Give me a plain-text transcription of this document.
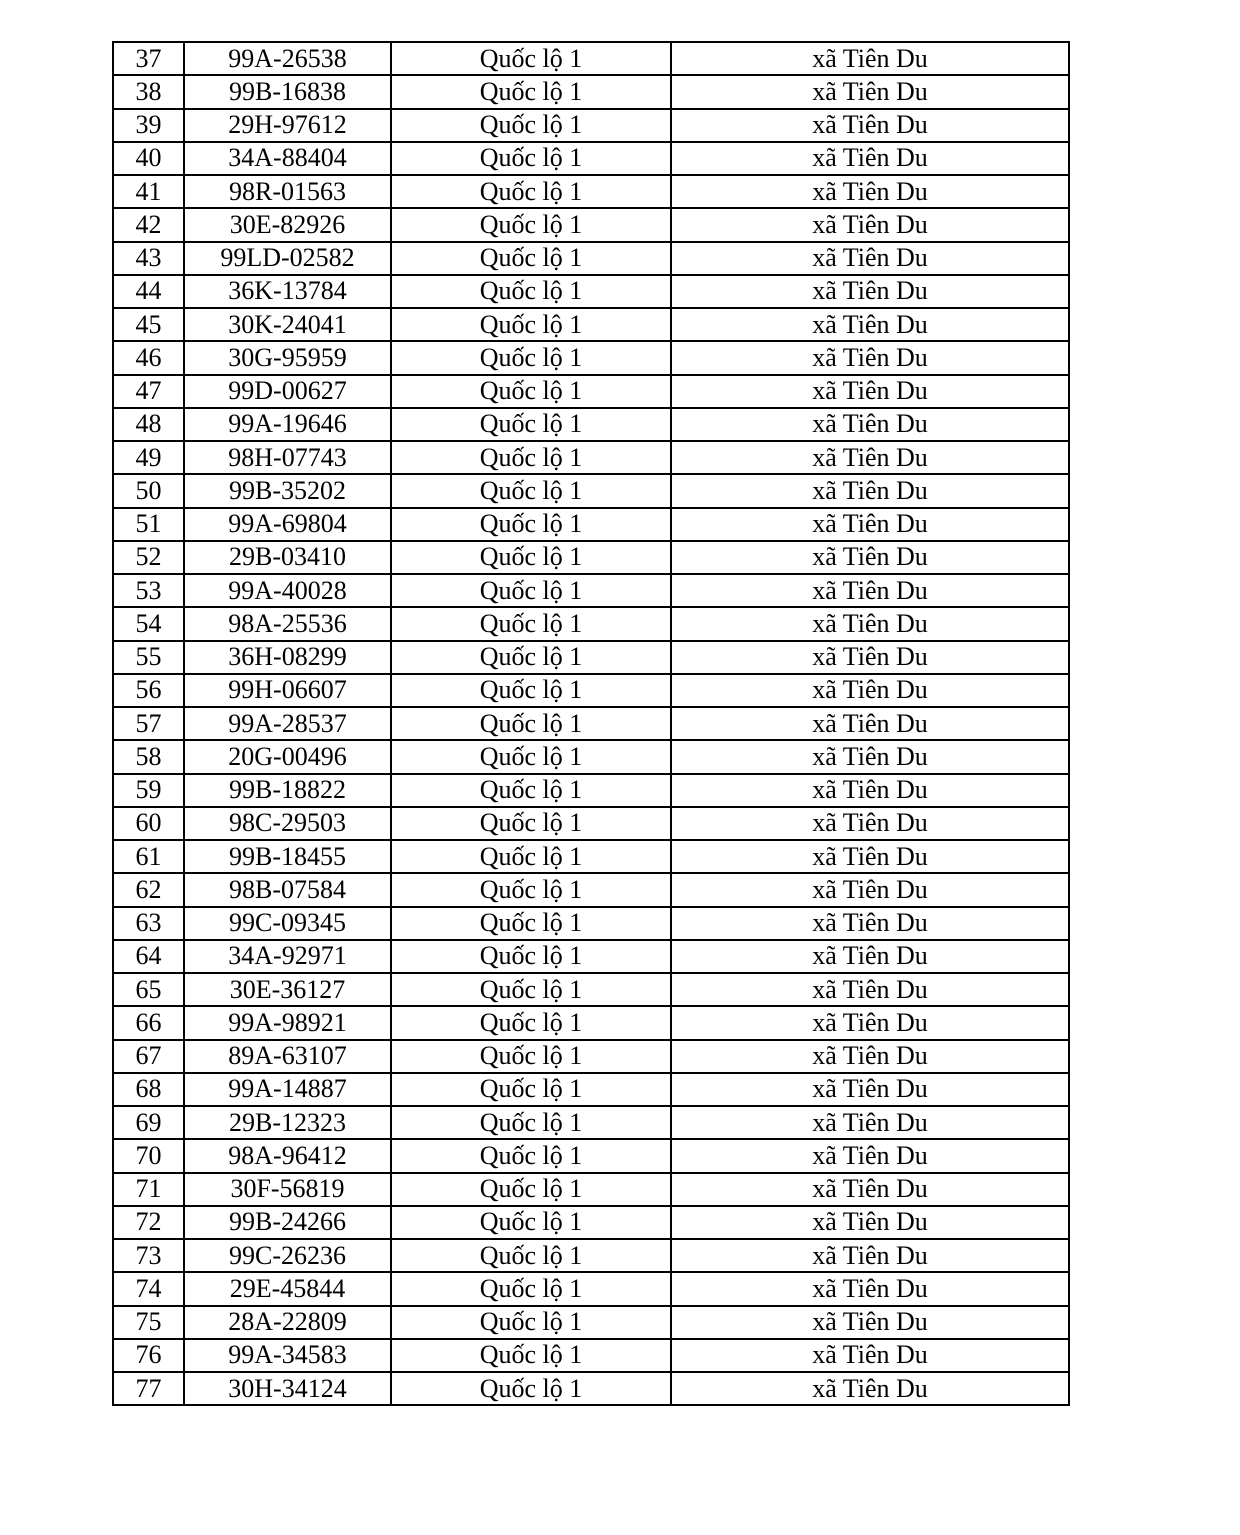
37	99A-26538	Quốc lộ 1	xã Tiên Du
38	99B-16838	Quốc lộ 1	xã Tiên Du
39	29H-97612	Quốc lộ 1	xã Tiên Du
40	34A-88404	Quốc lộ 1	xã Tiên Du
41	98R-01563	Quốc lộ 1	xã Tiên Du
42	30E-82926	Quốc lộ 1	xã Tiên Du
43	99LD-02582	Quốc lộ 1	xã Tiên Du
44	36K-13784	Quốc lộ 1	xã Tiên Du
45	30K-24041	Quốc lộ 1	xã Tiên Du
46	30G-95959	Quốc lộ 1	xã Tiên Du
47	99D-00627	Quốc lộ 1	xã Tiên Du
48	99A-19646	Quốc lộ 1	xã Tiên Du
49	98H-07743	Quốc lộ 1	xã Tiên Du
50	99B-35202	Quốc lộ 1	xã Tiên Du
51	99A-69804	Quốc lộ 1	xã Tiên Du
52	29B-03410	Quốc lộ 1	xã Tiên Du
53	99A-40028	Quốc lộ 1	xã Tiên Du
54	98A-25536	Quốc lộ 1	xã Tiên Du
55	36H-08299	Quốc lộ 1	xã Tiên Du
56	99H-06607	Quốc lộ 1	xã Tiên Du
57	99A-28537	Quốc lộ 1	xã Tiên Du
58	20G-00496	Quốc lộ 1	xã Tiên Du
59	99B-18822	Quốc lộ 1	xã Tiên Du
60	98C-29503	Quốc lộ 1	xã Tiên Du
61	99B-18455	Quốc lộ 1	xã Tiên Du
62	98B-07584	Quốc lộ 1	xã Tiên Du
63	99C-09345	Quốc lộ 1	xã Tiên Du
64	34A-92971	Quốc lộ 1	xã Tiên Du
65	30E-36127	Quốc lộ 1	xã Tiên Du
66	99A-98921	Quốc lộ 1	xã Tiên Du
67	89A-63107	Quốc lộ 1	xã Tiên Du
68	99A-14887	Quốc lộ 1	xã Tiên Du
69	29B-12323	Quốc lộ 1	xã Tiên Du
70	98A-96412	Quốc lộ 1	xã Tiên Du
71	30F-56819	Quốc lộ 1	xã Tiên Du
72	99B-24266	Quốc lộ 1	xã Tiên Du
73	99C-26236	Quốc lộ 1	xã Tiên Du
74	29E-45844	Quốc lộ 1	xã Tiên Du
75	28A-22809	Quốc lộ 1	xã Tiên Du
76	99A-34583	Quốc lộ 1	xã Tiên Du
77	30H-34124	Quốc lộ 1	xã Tiên Du
